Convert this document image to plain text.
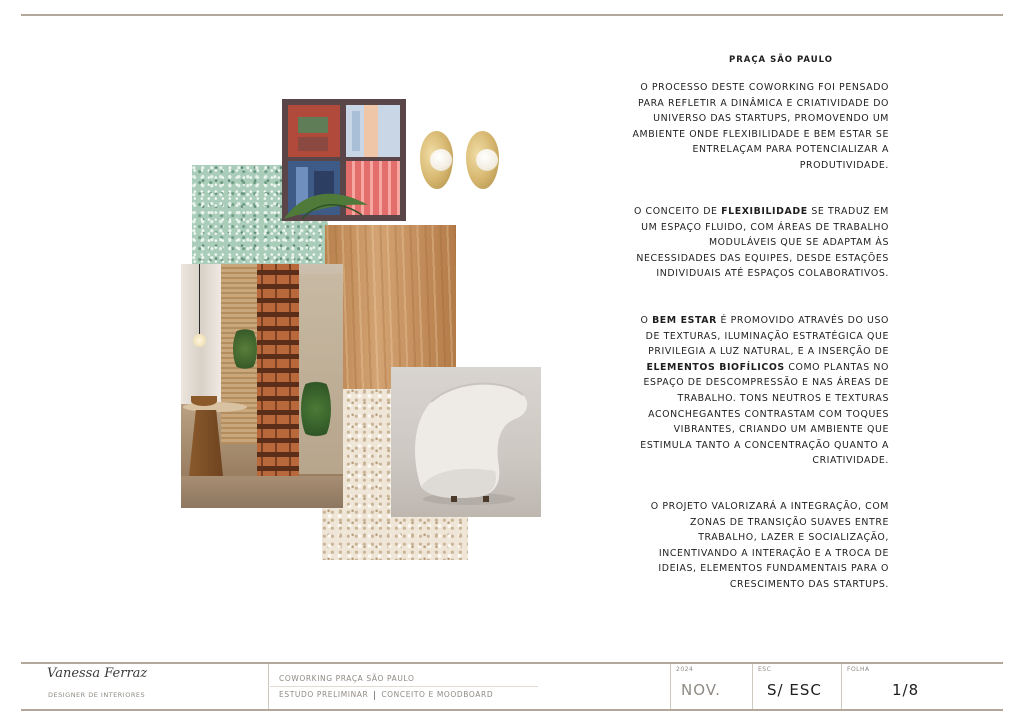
PRAÇA SÃO PAULO

O PROCESSO DESTE COWORKING FOI PENSADO PARA REFLETIR A DINÂMICA E CRIATIVIDADE DO UNIVERSO DAS STARTUPS, PROMOVENDO UM AMBIENTE ONDE FLEXIBILIDADE E BEM ESTAR SE ENTRELAÇAM PARA POTENCIALIZAR A PRODUTIVIDADE.

O CONCEITO DE FLEXIBILIDADE SE TRADUZ EM UM ESPAÇO FLUIDO, COM ÁREAS DE TRABALHO MODULÁVEIS QUE SE ADAPTAM ÀS NECESSIDADES DAS EQUIPES, DESDE ESTAÇÕES INDIVIDUAIS ATÉ ESPAÇOS COLABORATIVOS.

O BEM ESTAR É PROMOVIDO ATRAVÉS DO USO DE TEXTURAS, ILUMINAÇÃO ESTRATÉGICA QUE PRIVILEGIA A LUZ NATURAL, E A INSERÇÃO DE ELEMENTOS BIOFÍLICOS COMO PLANTAS NO ESPAÇO DE DESCOMPRESSÃO E NAS ÁREAS DE TRABALHO. TONS NEUTROS E TEXTURAS ACONCHEGANTES CONTRASTAM COM TOQUES VIBRANTES, CRIANDO UM AMBIENTE QUE ESTIMULA TANTO A CONCENTRAÇÃO QUANTO A CRIATIVIDADE.

O PROJETO VALORIZARÁ A INTEGRAÇÃO, COM ZONAS DE TRANSIÇÃO SUAVES ENTRE TRABALHO, LAZER E SOCIALIZAÇÃO, INCENTIVANDO A INTERAÇÃO E A TROCA DE IDEIAS, ELEMENTOS FUNDAMENTAIS PARA O CRESCIMENTO DAS STARTUPS.

Vanessa Ferraz
DESIGNER DE INTERIORES
COWORKING PRAÇA SÃO PAULO
ESTUDO PRELIMINAR CONCEITO E MOODBOARD
2024
NOV.
ESC
S/ ESC
FOLHA
1/8
